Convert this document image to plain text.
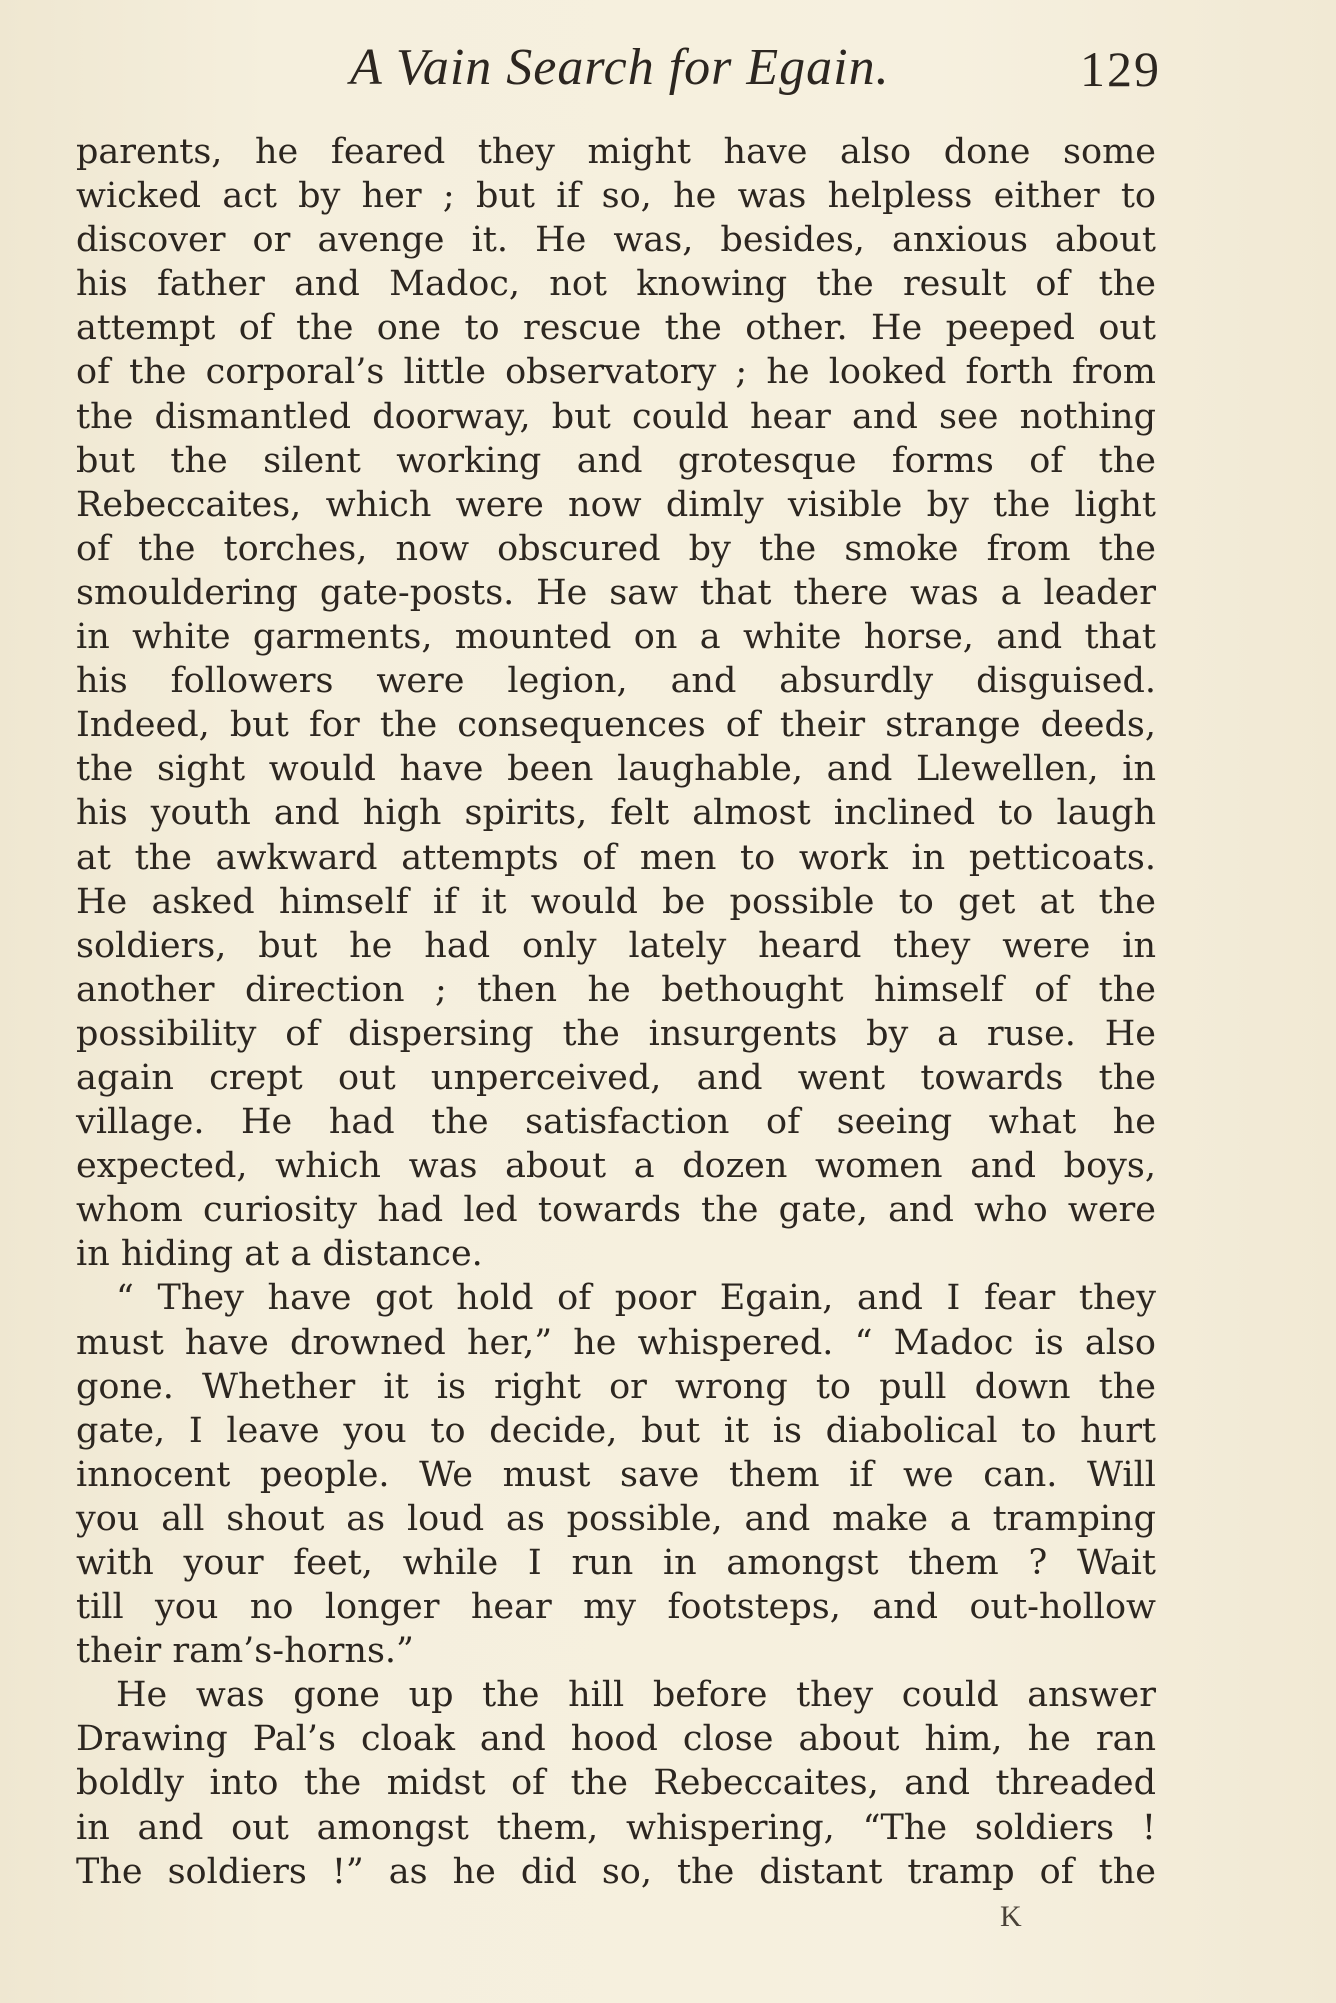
A Vain Search for Egain.	129
parents, he feared they might have also done some
wicked act by her ; but if so, he was helpless either to
discover or avenge it. He was, besides, anxious about
his father and Madoc, not knowing the result of the
attempt of the one to rescue the other. He peeped out
of the corporal’s little observatory ; he looked forth from
the dismantled doorway, but could hear and see nothing
but the silent working and grotesque forms of the
Rebeccaites, which were now dimly visible by the light
of the torches, now obscured by the smoke from the
smouldering gate-posts. He saw that there was a leader
in white garments, mounted on a white horse, and that
his followers were legion, and absurdly disguised.
Indeed, but for the consequences of their strange deeds,
the sight would have been laughable, and Llewellen, in
his youth and high spirits, felt almost inclined to laugh
at the awkward attempts of men to work in petticoats.
He asked himself if it would be possible to get at the
soldiers, but he had only lately heard they were in
another direction ; then he bethought himself of the
possibility of dispersing the insurgents by a ruse. He
again crept out unperceived, and went towards the
village. He had the satisfaction of seeing what he
expected, which was about a dozen women and boys,
whom curiosity had led towards the gate, and who were
in hiding at a distance.
“ They have got hold of poor Egain, and I fear they
must have drowned her,” he whispered. “ Madoc is also
gone. Whether it is right or wrong to pull down the
gate, I leave you to decide, but it is diabolical to hurt
innocent people. We must save them if we can. Will
you all shout as loud as possible, and make a tramping
with your feet, while I run in amongst them ? Wait
till you no longer hear my footsteps, and out-hollow
their ram’s-horns.”
He was gone up the hill before they could answer
Drawing Pal’s cloak and hood close about him, he ran
boldly into the midst of the Rebeccaites, and threaded
in and out amongst them, whispering, “The soldiers !
The soldiers !” as he did so, the distant tramp of the
K
